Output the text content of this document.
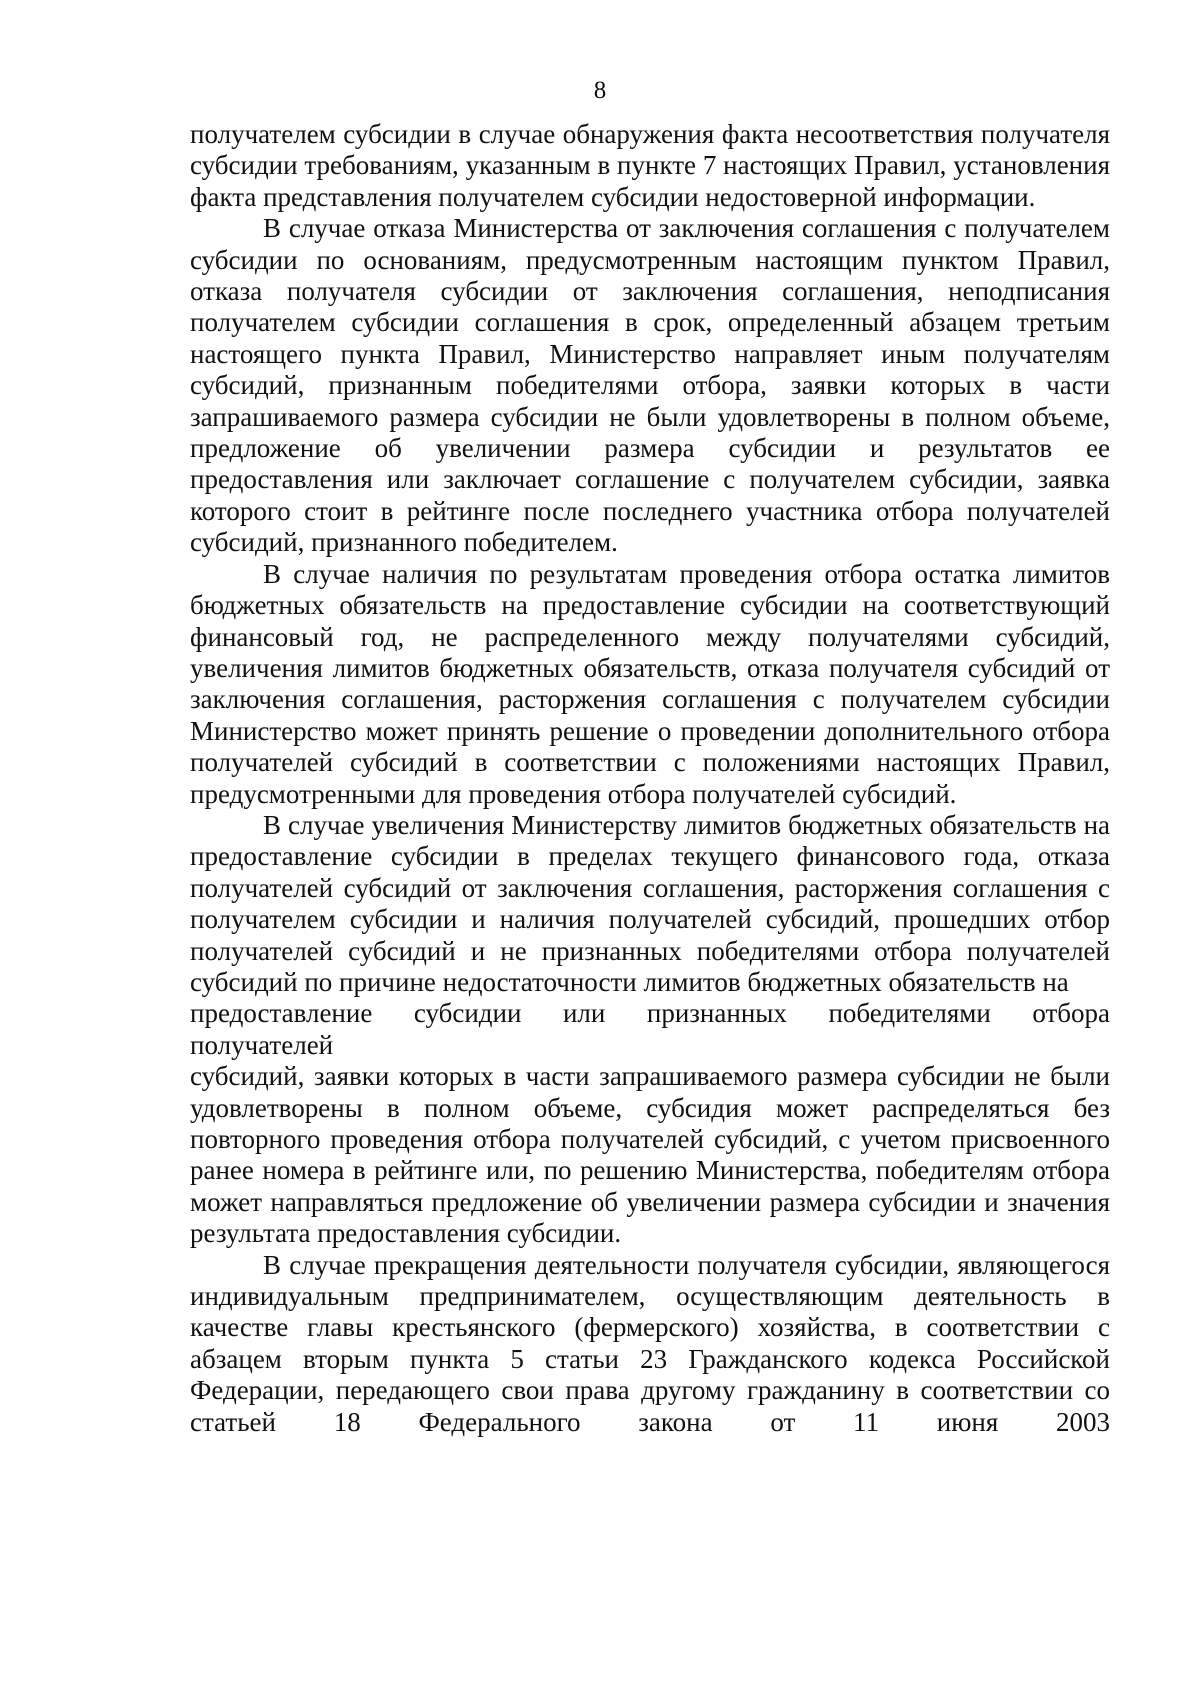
8

получателем субсидии в случае обнаружения факта несоответствия получателя субсидии требованиям, указанным в пункте 7 настоящих Правил, установления факта представления получателем субсидии недостоверной информации.

В случае отказа Министерства от заключения соглашения с получателем субсидии по основаниям, предусмотренным настоящим пунктом Правил, отказа получателя субсидии от заключения соглашения, неподписания получателем субсидии соглашения в срок, определенный абзацем третьим настоящего пункта Правил, Министерство направляет иным получателям субсидий, признанным победителями отбора, заявки которых в части запрашиваемого размера субсидии не были удовлетворены в полном объеме, предложение об увеличении размера субсидии и результатов ее предоставления или заключает соглашение с получателем субсидии, заявка которого стоит в рейтинге после последнего участника отбора получателей субсидий, признанного победителем.

В случае наличия по результатам проведения отбора остатка лимитов бюджетных обязательств на предоставление субсидии на соответствующий финансовый год, не распределенного между получателями субсидий, увеличения лимитов бюджетных обязательств, отказа получателя субсидий от заключения соглашения, расторжения соглашения с получателем субсидии Министерство может принять решение о проведении дополнительного отбора получателей субсидий в соответствии с положениями настоящих Правил, предусмотренными для проведения отбора получателей субсидий.

В случае увеличения Министерству лимитов бюджетных обязательств на предоставление субсидии в пределах текущего финансового года, отказа получателей субсидий от заключения соглашения, расторжения соглашения с получателем субсидии и наличия получателей субсидий, прошедших отбор получателей субсидий и не признанных победителями отбора получателей субсидий по причине недостаточности лимитов бюджетных обязательств на

предоставление субсидии или признанных победителями отбора

получателей

субсидий, заявки которых в части запрашиваемого размера субсидии не были удовлетворены в полном объеме, субсидия может распределяться без повторного проведения отбора получателей субсидий, с учетом присвоенного ранее номера в рейтинге или, по решению Министерства, победителям отбора может направляться предложение об увеличении размера субсидии и значения результата предоставления субсидии.

В случае прекращения деятельности получателя субсидии, являющегося индивидуальным предпринимателем, осуществляющим деятельность в качестве главы крестьянского (фермерского) хозяйства, в соответствии с абзацем вторым пункта 5 статьи 23 Гражданского кодекса Российской Федерации, передающего свои права другому гражданину в соответствии со статьей 18 Федерального закона от 11 июня 2003
